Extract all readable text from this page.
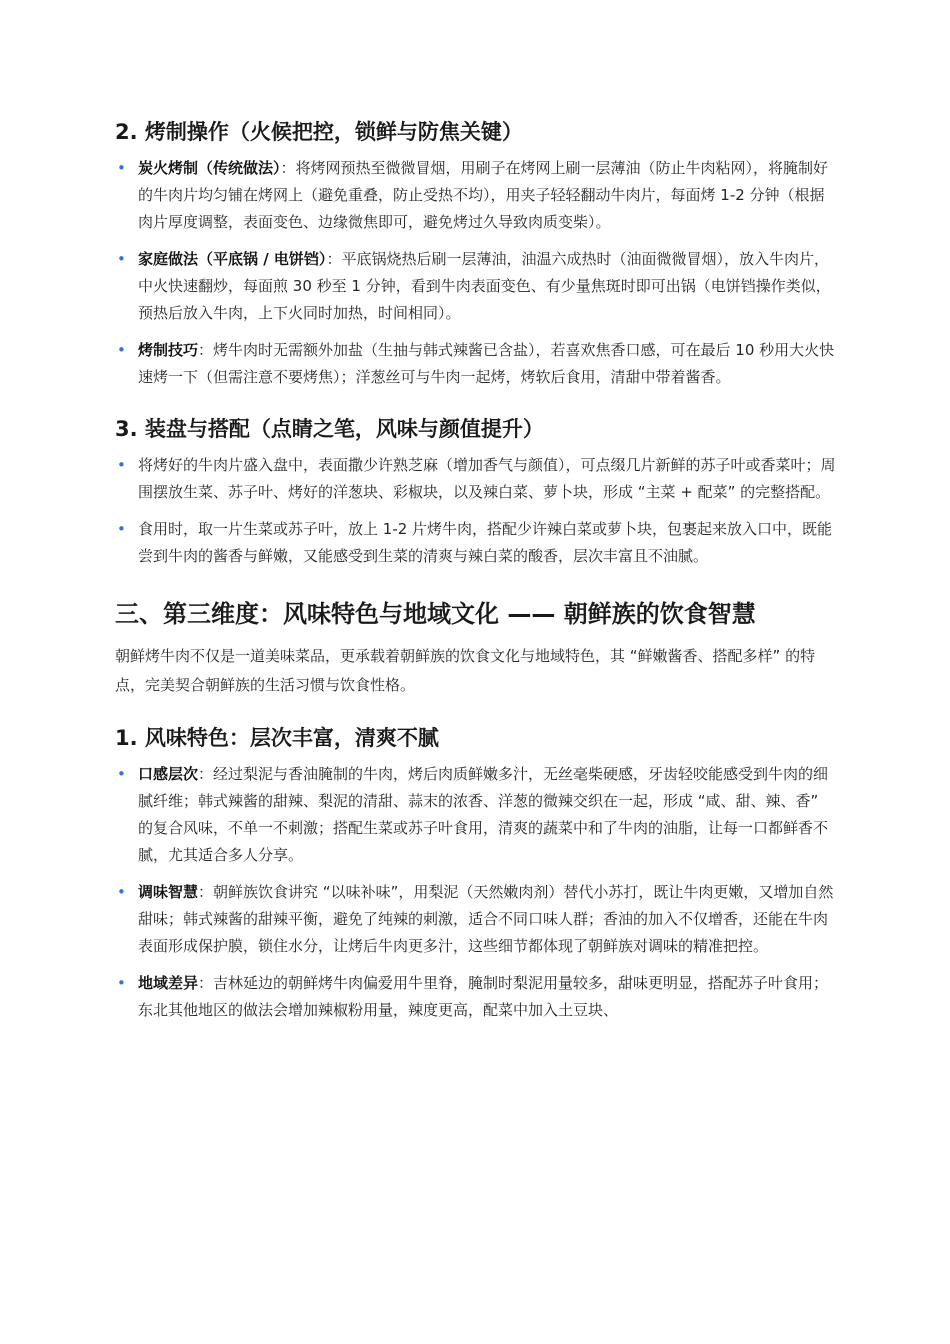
2. 烤制操作（火候把控，锁鲜与防焦关键）
• 炭火烤制（传统做法）：将烤网预热至微微冒烟，用刷子在烤网上刷一层薄油（防止牛肉粘网），将腌制好的牛肉片均匀铺在烤网上（避免重叠，防止受热不均），用夹子轻轻翻动牛肉片，每面烤 1-2 分钟（根据肉片厚度调整，表面变色、边缘微焦即可，避免烤过久导致肉质变柴）。
• 家庭做法（平底锅 / 电饼铛）：平底锅烧热后刷一层薄油，油温六成热时（油面微微冒烟），放入牛肉片，中火快速翻炒，每面煎 30 秒至 1 分钟，看到牛肉表面变色、有少量焦斑时即可出锅（电饼铛操作类似，预热后放入牛肉，上下火同时加热，时间相同）。
• 烤制技巧：烤牛肉时无需额外加盐（生抽与韩式辣酱已含盐），若喜欢焦香口感，可在最后 10 秒用大火快速烤一下（但需注意不要烤焦）；洋葱丝可与牛肉一起烤，烤软后食用，清甜中带着酱香。
3. 装盘与搭配（点睛之笔，风味与颜值提升）
• 将烤好的牛肉片盛入盘中，表面撒少许熟芝麻（增加香气与颜值），可点缀几片新鲜的苏子叶或香菜叶；周围摆放生菜、苏子叶、烤好的洋葱块、彩椒块，以及辣白菜、萝卜块，形成 “主菜 + 配菜” 的完整搭配。
• 食用时，取一片生菜或苏子叶，放上 1-2 片烤牛肉，搭配少许辣白菜或萝卜块，包裹起来放入口中，既能尝到牛肉的酱香与鲜嫩，又能感受到生菜的清爽与辣白菜的酸香，层次丰富且不油腻。
三、第三维度：风味特色与地域文化 —— 朝鲜族的饮食智慧

朝鲜烤牛肉不仅是一道美味菜品，更承载着朝鲜族的饮食文化与地域特色，其 “鲜嫩酱香、搭配多样” 的特点，完美契合朝鲜族的生活习惯与饮食性格。

1. 风味特色：层次丰富，清爽不腻
• 口感层次：经过梨泥与香油腌制的牛肉，烤后肉质鲜嫩多汁，无丝毫柴硬感，牙齿轻咬能感受到牛肉的细腻纤维；韩式辣酱的甜辣、梨泥的清甜、蒜末的浓香、洋葱的微辣交织在一起，形成 “咸、甜、辣、香” 的复合风味，不单一不刺激；搭配生菜或苏子叶食用，清爽的蔬菜中和了牛肉的油脂，让每一口都鲜香不腻，尤其适合多人分享。
• 调味智慧：朝鲜族饮食讲究 “以味补味”，用梨泥（天然嫩肉剂）替代小苏打，既让牛肉更嫩，又增加自然甜味；韩式辣酱的甜辣平衡，避免了纯辣的刺激，适合不同口味人群；香油的加入不仅增香，还能在牛肉表面形成保护膜，锁住水分，让烤后牛肉更多汁，这些细节都体现了朝鲜族对调味的精准把控。
• 地域差异：吉林延边的朝鲜烤牛肉偏爱用牛里脊，腌制时梨泥用量较多，甜味更明显，搭配苏子叶食用；东北其他地区的做法会增加辣椒粉用量，辣度更高，配菜中加入土豆块、
